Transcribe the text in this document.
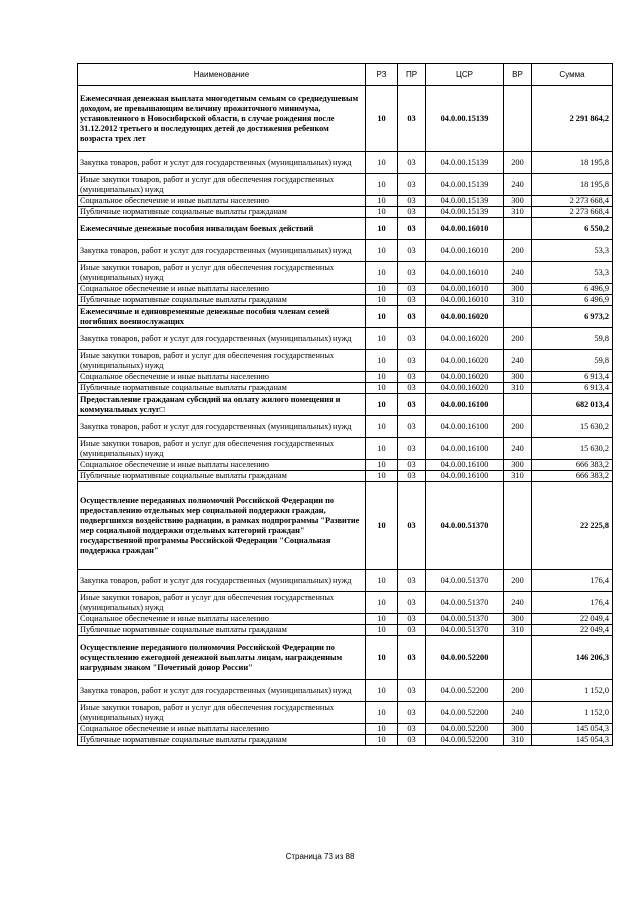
Наименование	РЗ	ПР	ЦСР	ВР	Сумма
Ежемесячная денежная выплата многодетным семьям со среднедушевым доходом, не превышающим величину прожиточного минимума, установленного в Новосибирской области, в случае рождения после 31.12.2012 третьего и последующих детей до достижения ребенком возраста трех лет	10	03	04.0.00.15139		2 291 864,2
Закупка товаров, работ и услуг для государственных (муниципальных) нужд	10	03	04.0.00.15139	200	18 195,8
Иные закупки товаров, работ и услуг для обеспечения государственных (муниципальных) нужд	10	03	04.0.00.15139	240	18 195,8
Социальное обеспечение и иные выплаты населению	10	03	04.0.00.15139	300	2 273 668,4
Публичные нормативные социальные выплаты гражданам	10	03	04.0.00.15139	310	2 273 668,4
Ежемесячные денежные пособия инвалидам боевых действий	10	03	04.0.00.16010		6 550,2
Закупка товаров, работ и услуг для государственных (муниципальных) нужд	10	03	04.0.00.16010	200	53,3
Иные закупки товаров, работ и услуг для обеспечения государственных (муниципальных) нужд	10	03	04.0.00.16010	240	53,3
Социальное обеспечение и иные выплаты населению	10	03	04.0.00.16010	300	6 496,9
Публичные нормативные социальные выплаты гражданам	10	03	04.0.00.16010	310	6 496,9
Ежемесячные и единовременные денежные пособия членам семей погибших военнослужащих	10	03	04.0.00.16020		6 973,2
Закупка товаров, работ и услуг для государственных (муниципальных) нужд	10	03	04.0.00.16020	200	59,8
Иные закупки товаров, работ и услуг для обеспечения государственных (муниципальных) нужд	10	03	04.0.00.16020	240	59,8
Социальное обеспечение и иные выплаты населению	10	03	04.0.00.16020	300	6 913,4
Публичные нормативные социальные выплаты гражданам	10	03	04.0.00.16020	310	6 913,4
Предоставление гражданам субсидий на оплату жилого помещения и коммунальных услуг□	10	03	04.0.00.16100		682 013,4
Закупка товаров, работ и услуг для государственных (муниципальных) нужд	10	03	04.0.00.16100	200	15 630,2
Иные закупки товаров, работ и услуг для обеспечения государственных (муниципальных) нужд	10	03	04.0.00.16100	240	15 630,2
Социальное обеспечение и иные выплаты населению	10	03	04.0.00.16100	300	666 383,2
Публичные нормативные социальные выплаты гражданам	10	03	04.0.00.16100	310	666 383,2
Осуществление переданных полномочий Российской Федерации по предоставлению отдельных мер социальной поддержки граждан, подвергшихся воздействию радиации, в рамках подпрограммы "Развитие мер социальной поддержки отдельных категорий граждан" государственной программы Российской Федерации "Социальная поддержка граждан"	10	03	04.0.00.51370		22 225,8
Закупка товаров, работ и услуг для государственных (муниципальных) нужд	10	03	04.0.00.51370	200	176,4
Иные закупки товаров, работ и услуг для обеспечения государственных (муниципальных) нужд	10	03	04.0.00.51370	240	176,4
Социальное обеспечение и иные выплаты населению	10	03	04.0.00.51370	300	22 049,4
Публичные нормативные социальные выплаты гражданам	10	03	04.0.00.51370	310	22 049,4
Осуществление переданного полномочия Российской Федерации по осуществлению ежегодной денежной выплаты лицам, награжденным нагрудным знаком "Почетный донор России"	10	03	04.0.00.52200		146 206,3
Закупка товаров, работ и услуг для государственных (муниципальных) нужд	10	03	04.0.00.52200	200	1 152,0
Иные закупки товаров, работ и услуг для обеспечения государственных (муниципальных) нужд	10	03	04.0.00.52200	240	1 152,0
Социальное обеспечение и иные выплаты населению	10	03	04.0.00.52200	300	145 054,3
Публичные нормативные социальные выплаты гражданам	10	03	04.0.00.52200	310	145 054,3
Страница 73 из 88
